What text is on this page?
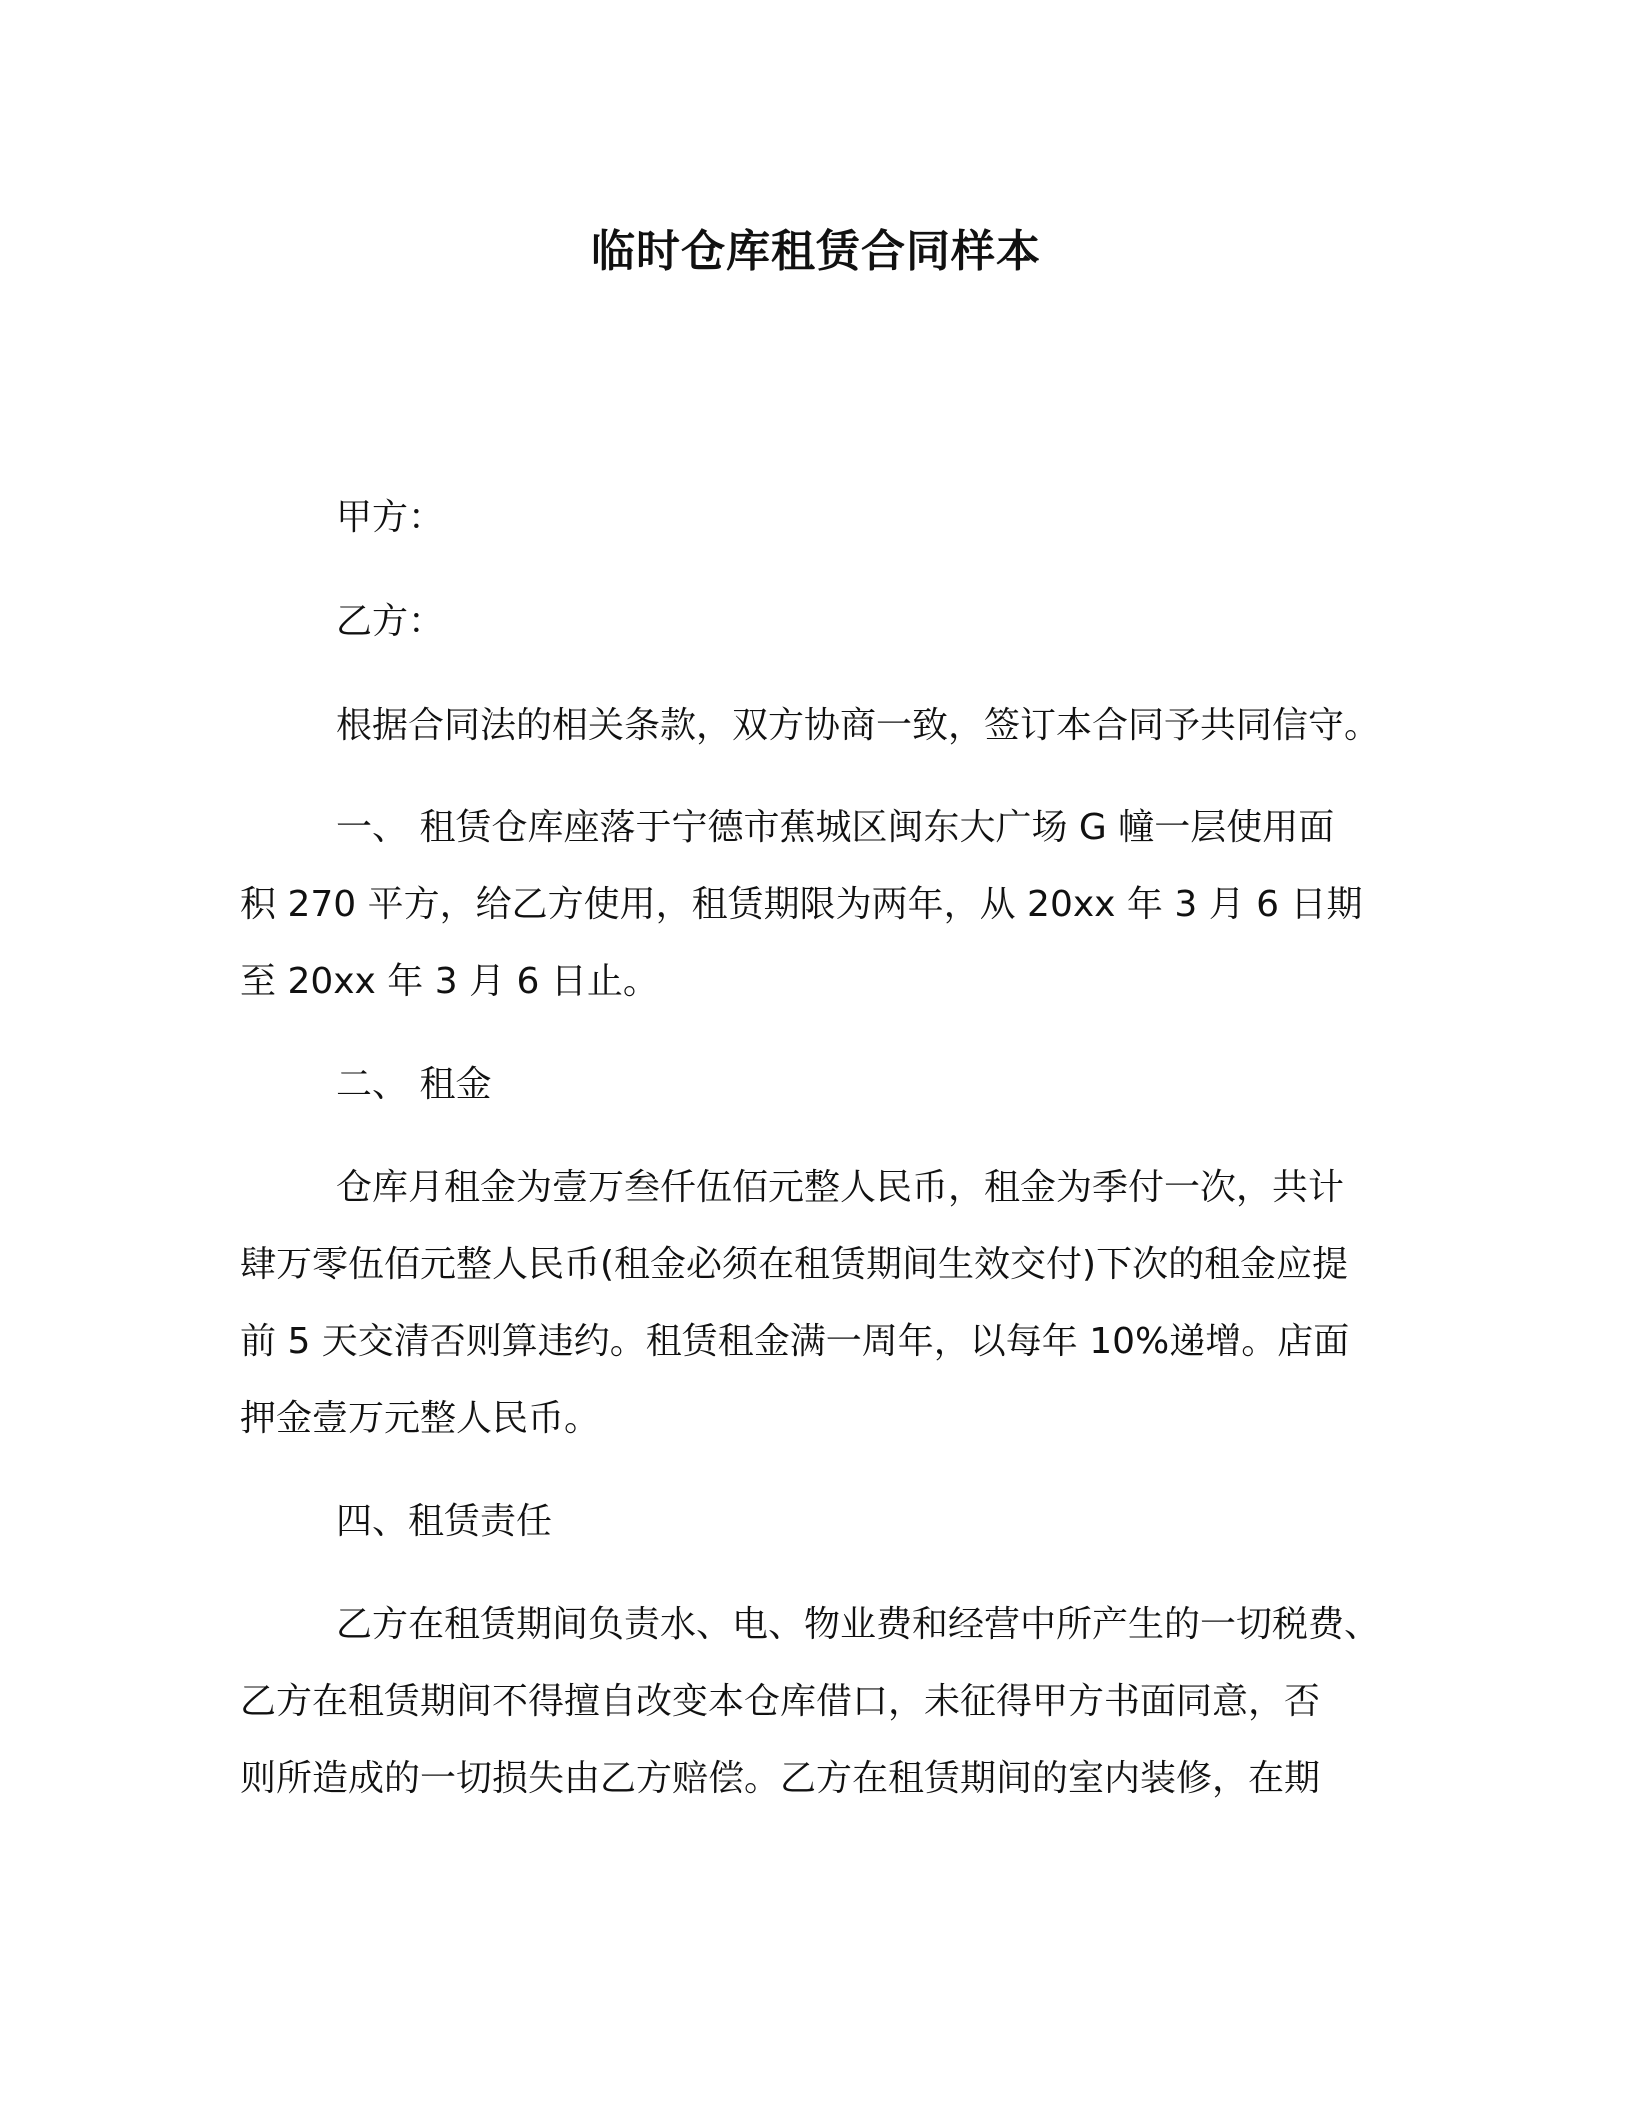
临时仓库租赁合同样本

甲方：

乙方：

根据合同法的相关条款，双方协商一致，签订本合同予共同信守。

一、 租赁仓库座落于宁德市蕉城区闽东大广场 G 幢一层使用面

积 270 平方，给乙方使用，租赁期限为两年，从 20xx 年 3 月 6 日期

至 20xx 年 3 月 6 日止。

二、 租金

仓库月租金为壹万叁仟伍佰元整人民币，租金为季付一次，共计

肆万零伍佰元整人民币(租金必须在租赁期间生效交付)下次的租金应提

前 5 天交清否则算违约。租赁租金满一周年，以每年 10%递增。店面

押金壹万元整人民币。

四、租赁责任

乙方在租赁期间负责水、电、物业费和经营中所产生的一切税费、

乙方在租赁期间不得擅自改变本仓库借口，未征得甲方书面同意，否

则所造成的一切损失由乙方赔偿。乙方在租赁期间的室内装修，在期
